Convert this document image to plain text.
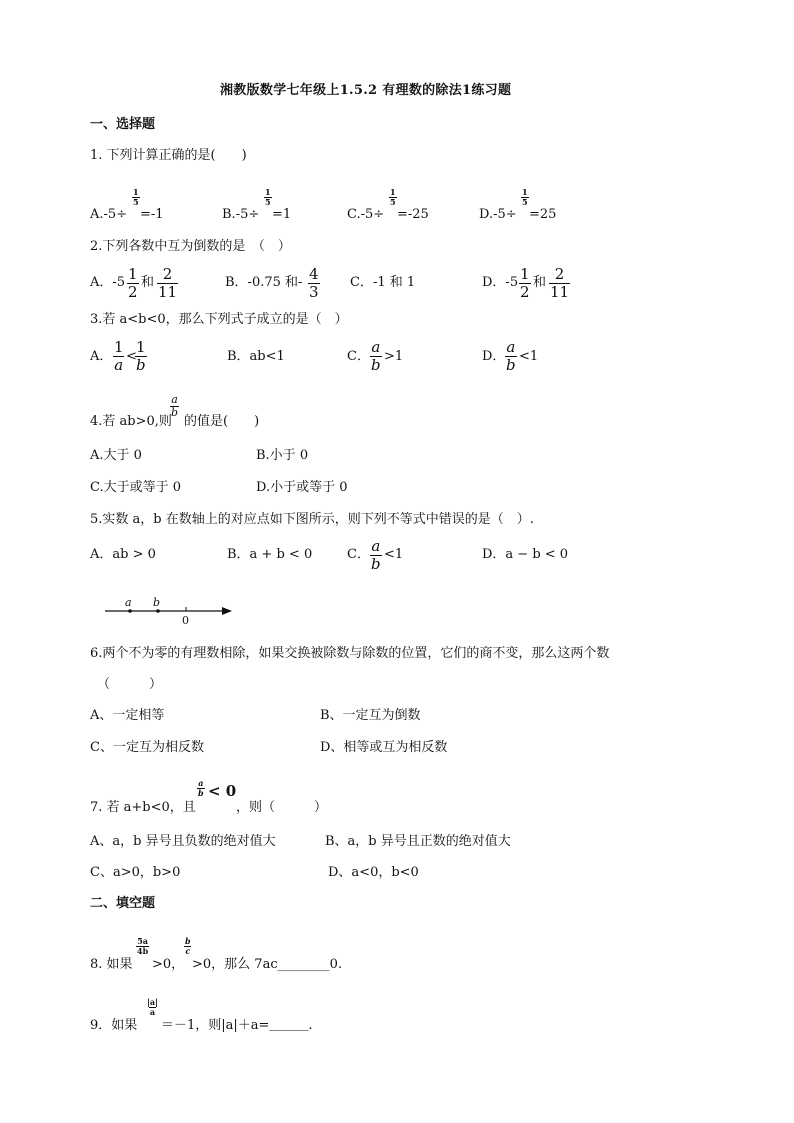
湘教版数学七年级上1.5.2 有理数的除法1练习题
一、选择题
1. 下列计算正确的是(　　)
A.-5÷
$\frac{1}{5}$
=-1	B.-5÷
$\frac{1}{5}$
=1	C.-5÷
$\frac{1}{5}$
=-25	D.-5÷
$\frac{1}{5}$
=25
2.下列各数中互为倒数的是　（　）
A．$-5 \frac{1}{2}$ 和 $\frac{2}{11}$	B．-0.75 和- $\frac{4}{3}$ C．-1 和 1	D．$-5 \frac{1}{2}$ 和 $\frac{2}{11}$
3.若 a<b<0，那么下列式子成立的是（　）
A． $\frac{1}{a}$ <
$\frac{1}{b}$	B．ab<1	C． $\frac{a}{b} >1$	D． $\frac{a}{b} <1$
4.若 ab>0,则
$\frac{a}{b}$
的值是(　　)
A.大于 0	B.小于 0
C.大于或等于 0	D.小于或等于 0
5.实数 a，b 在数轴上的对应点如下图所示，则下列不等式中错误的是（　）.
A．ab > 0	B．a + b < 0	C． $\frac{a}{b} <1$	D．a − b < 0
a b
0
6.两个不为零的有理数相除，如果交换被除数与除数的位置，它们的商不变，那么这两个数
（　　　）
A、一定相等	B、一定互为倒数
C、一定互为相反数	D、相等或互为相反数
7. 若 a+b<0，且
$\frac{a}{b} < 0$
，则（　　　）
A、a，b 异号且负数的绝对值大	B、a，b 异号且正数的绝对值大
C、a>0，b>0	D、a<0，b<0
二、填空题
8. 如果
$\frac{5a}{4b}$
>0，
$\frac{b}{c}$
>0，那么 7ac________0.
9．如果
$\frac{|a|}{a}$
＝－1，则|a|＋a=＿＿＿.
